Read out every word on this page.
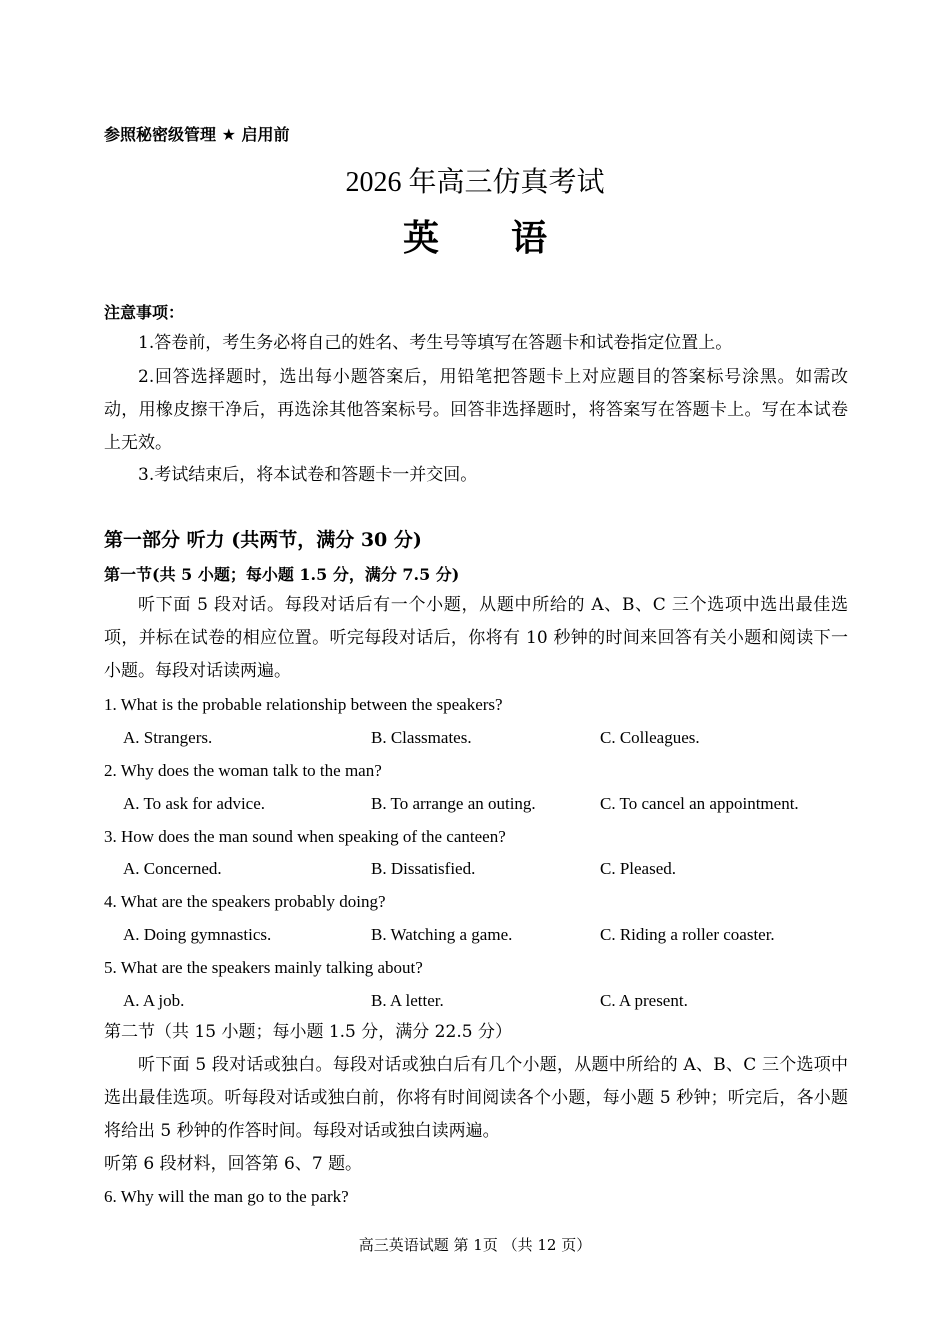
参照秘密级管理 ★ 启用前
2026 年高三仿真考试
英　　语
注意事项：
1.答卷前，考生务必将自己的姓名、考生号等填写在答题卡和试卷指定位置上。
2.回答选择题时，选出每小题答案后，用铅笔把答题卡上对应题目的答案标号涂黑。如需改动，用橡皮擦干净后，再选涂其他答案标号。回答非选择题时，将答案写在答题卡上。写在本试卷上无效。
3.考试结束后，将本试卷和答题卡一并交回。
第一部分 听力 (共两节，满分 30 分)
第一节(共 5 小题；每小题 1.5 分，满分 7.5 分)
听下面 5 段对话。每段对话后有一个小题，从题中所给的 A、B、C 三个选项中选出最佳选项，并标在试卷的相应位置。听完每段对话后，你将有 10 秒钟的时间来回答有关小题和阅读下一小题。每段对话读两遍。
1. What is the probable relationship between the speakers?
A. Strangers.	B. Classmates.	C. Colleagues.
2. Why does the woman talk to the man?
A. To ask for advice.	B. To arrange an outing.	C. To cancel an appointment.
3. How does the man sound when speaking of the canteen?
A. Concerned.	B. Dissatisfied.	C. Pleased.
4. What are the speakers probably doing?
A. Doing gymnastics.	B. Watching a game.	C. Riding a roller coaster.
5. What are the speakers mainly talking about?
A. A job.	B. A letter.	C. A present.
第二节（共 15 小题；每小题 1.5 分，满分 22.5 分）
听下面 5 段对话或独白。每段对话或独白后有几个小题，从题中所给的 A、B、C 三个选项中选出最佳选项。听每段对话或独白前，你将有时间阅读各个小题，每小题 5 秒钟；听完后，各小题将给出 5 秒钟的作答时间。每段对话或独白读两遍。
听第 6 段材料，回答第 6、7 题。
6. Why will the man go to the park?
高三英语试题 第 1页 （共 12 页）
